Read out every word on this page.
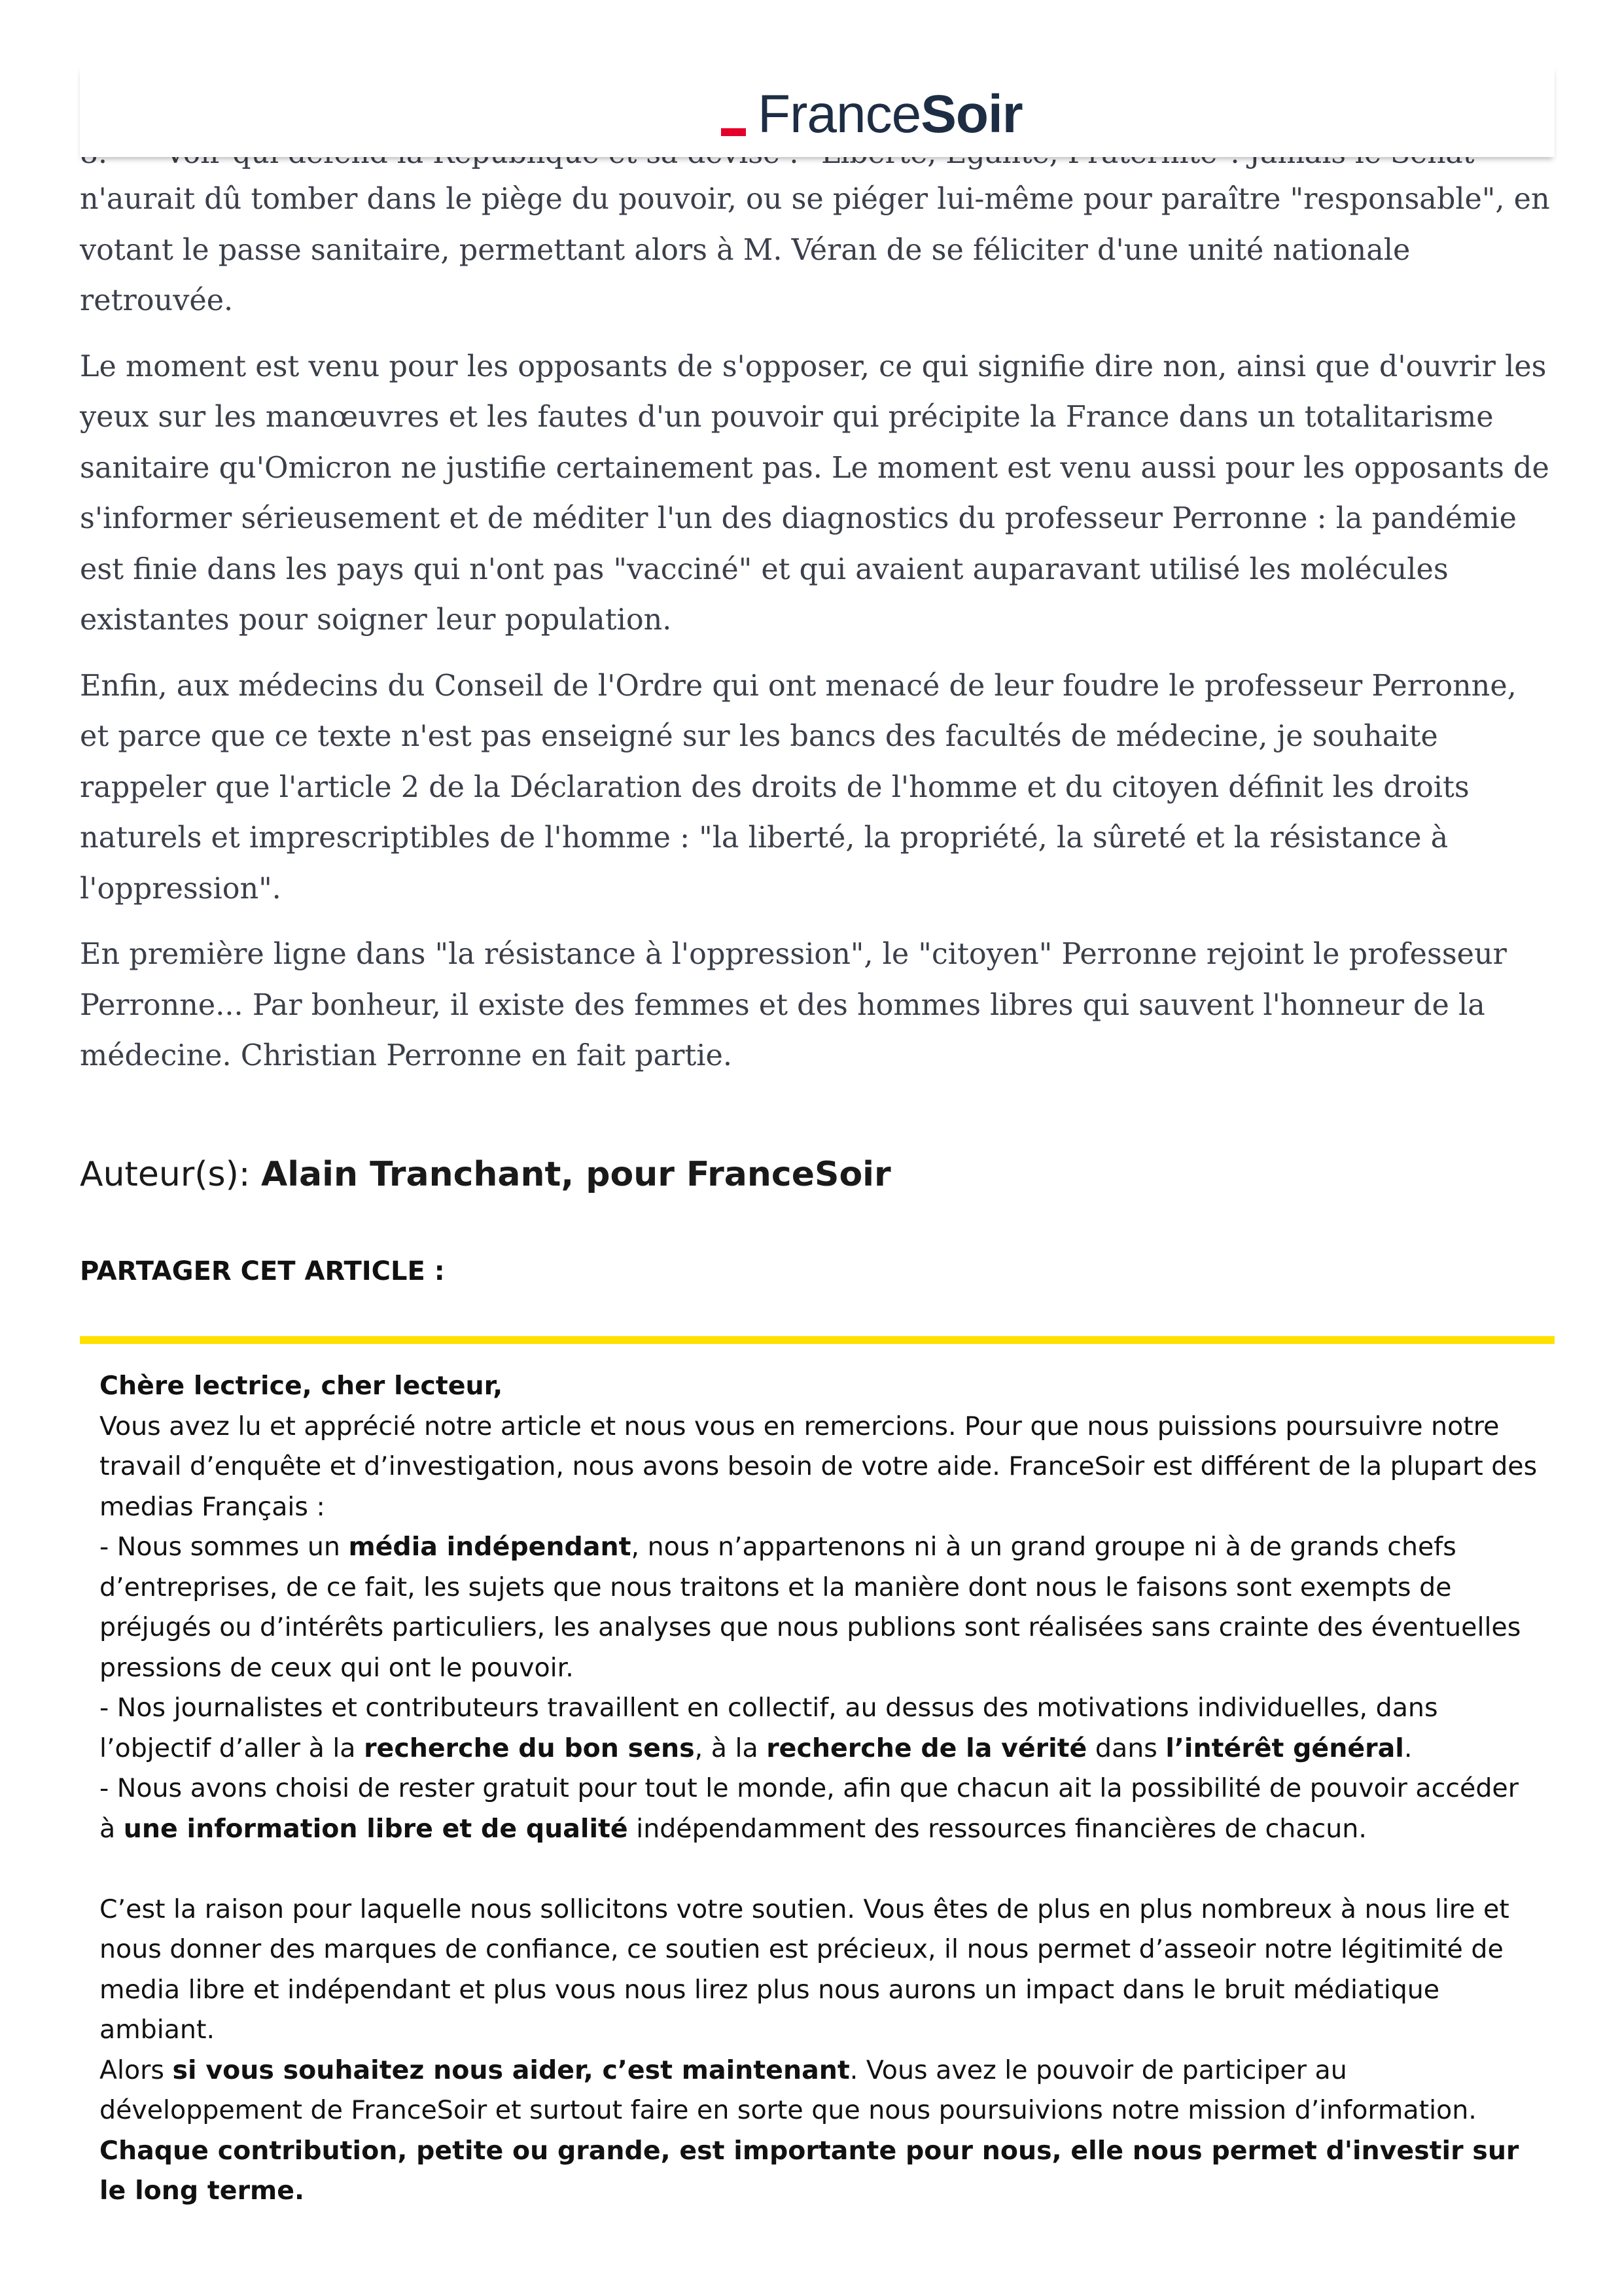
France Soir

n'aurait dû tomber dans le piège du pouvoir, ou se piéger lui-même pour paraître "responsable", en votant le passe sanitaire, permettant alors à M. Véran de se féliciter d'une unité nationale retrouvée.

Le moment est venu pour les opposants de s'opposer, ce qui signifie dire non, ainsi que d'ouvrir les yeux sur les manœuvres et les fautes d'un pouvoir qui précipite la France dans un totalitarisme sanitaire qu'Omicron ne justifie certainement pas. Le moment est venu aussi pour les opposants de s'informer sérieusement et de méditer l'un des diagnostics du professeur Perronne : la pandémie est finie dans les pays qui n'ont pas "vacciné" et qui avaient auparavant utilisé les molécules existantes pour soigner leur population.

Enfin, aux médecins du Conseil de l'Ordre qui ont menacé de leur foudre le professeur Perronne, et parce que ce texte n'est pas enseigné sur les bancs des facultés de médecine, je souhaite rappeler que l'article 2 de la Déclaration des droits de l'homme et du citoyen définit les droits naturels et imprescriptibles de l'homme : "la liberté, la propriété, la sûreté et la résistance à l'oppression".

En première ligne dans "la résistance à l'oppression", le "citoyen" Perronne rejoint le professeur Perronne... Par bonheur, il existe des femmes et des hommes libres qui sauvent l'honneur de la médecine. Christian Perronne en fait partie.

Auteur(s): Alain Tranchant, pour FranceSoir
PARTAGER CET ARTICLE :

Chère lectrice, cher lecteur,

Vous avez lu et apprécié notre article et nous vous en remercions. Pour que nous puissions poursuivre notre travail d’enquête et d’investigation, nous avons besoin de votre aide. FranceSoir est différent de la plupart des medias Français :

- Nous sommes un média indépendant, nous n’appartenons ni à un grand groupe ni à de grands chefs d’entreprises, de ce fait, les sujets que nous traitons et la manière dont nous le faisons sont exempts de préjugés ou d’intérêts particuliers, les analyses que nous publions sont réalisées sans crainte des éventuelles pressions de ceux qui ont le pouvoir.

- Nos journalistes et contributeurs travaillent en collectif, au dessus des motivations individuelles, dans l’objectif d’aller à la recherche du bon sens, à la recherche de la vérité dans l’intérêt général.

- Nous avons choisi de rester gratuit pour tout le monde, afin que chacun ait la possibilité de pouvoir accéder à une information libre et de qualité indépendamment des ressources financières de chacun.

C’est la raison pour laquelle nous sollicitons votre soutien. Vous êtes de plus en plus nombreux à nous lire et nous donner des marques de confiance, ce soutien est précieux, il nous permet d’asseoir notre légitimité de media libre et indépendant et plus vous nous lirez plus nous aurons un impact dans le bruit médiatique ambiant.

Alors si vous souhaitez nous aider, c’est maintenant. Vous avez le pouvoir de participer au développement de FranceSoir et surtout faire en sorte que nous poursuivions notre mission d’information. Chaque contribution, petite ou grande, est importante pour nous, elle nous permet d'investir sur le long terme.
